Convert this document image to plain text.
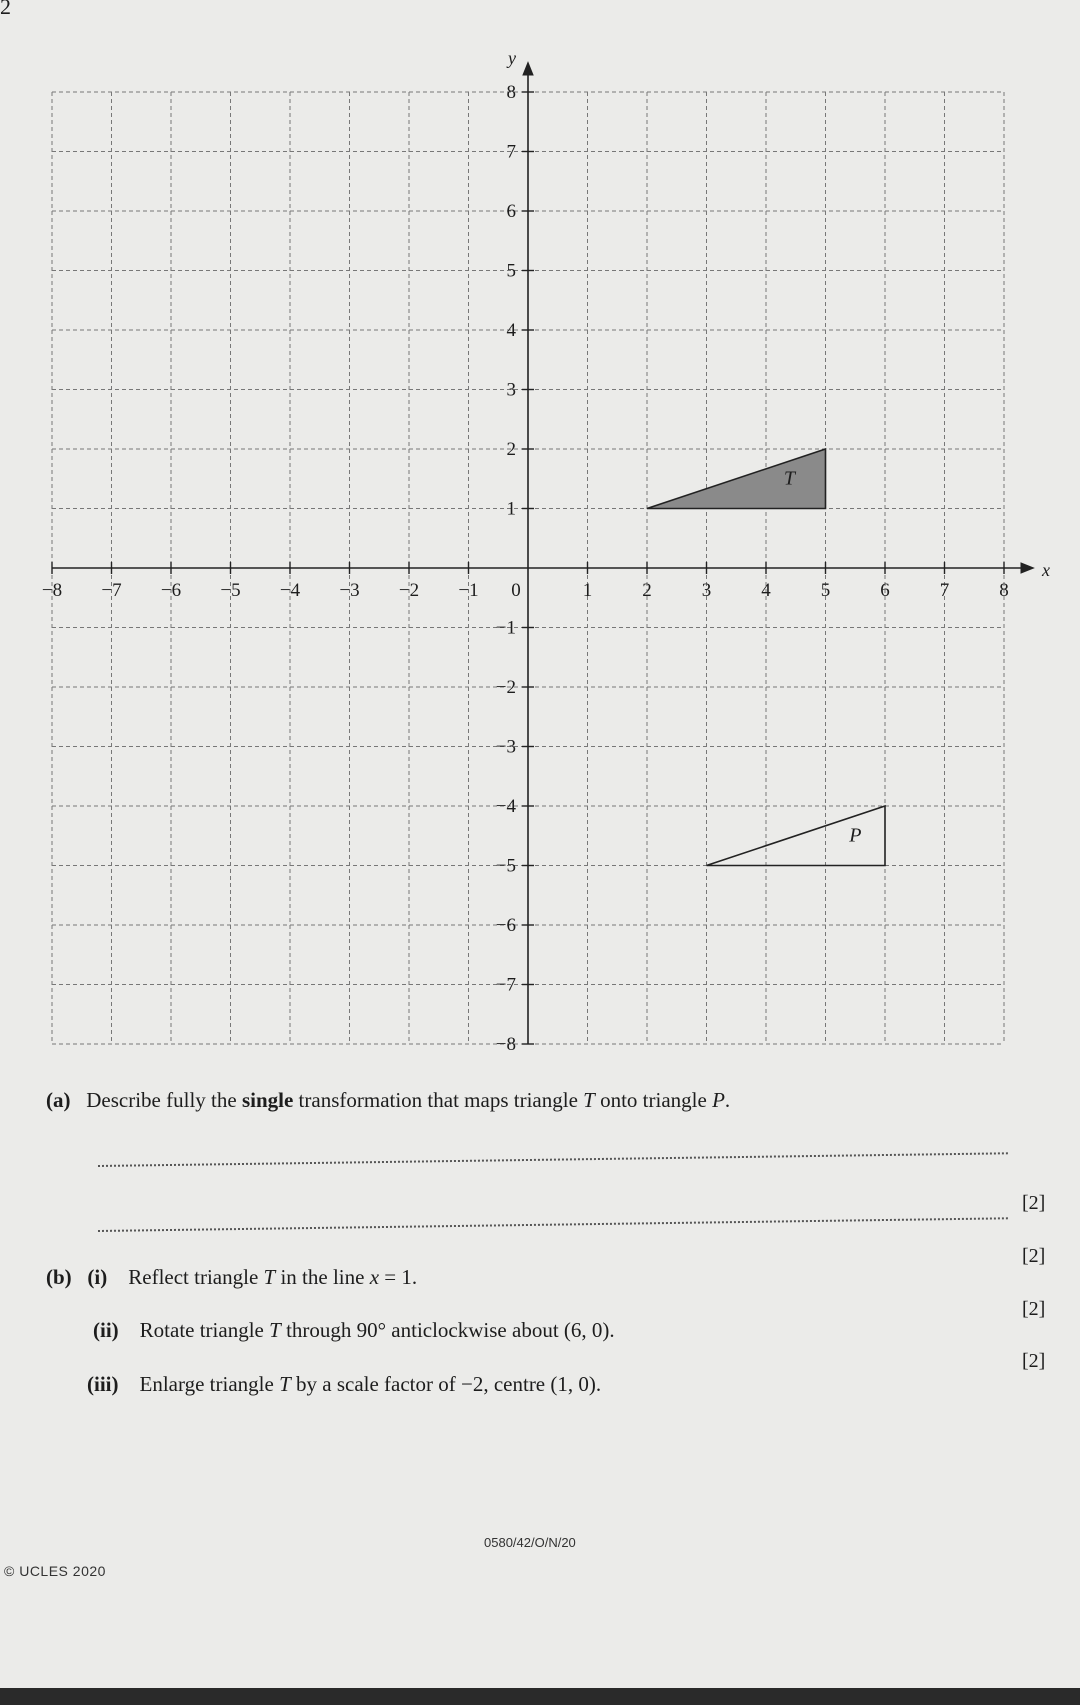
2
x
y
−8 −7 −6 −5 −4 −3 −2 −1 0	1	2	3	4	5	6	7	8
−8
−7
−6
−5
−4
−3
−2
−1
1
2
3
4
5
6
7
8
T
P
(a) Describe fully the single transformation that maps triangle T onto triangle P.
[2]
(b) (i) Reflect triangle T in the line x = 1.
[2]
(ii) Rotate triangle T through 90° anticlockwise about (6, 0).
[2]
(iii) Enlarge triangle T by a scale factor of −2, centre (1, 0).
[2]
0580/42/O/N/20
© UCLES 2020
